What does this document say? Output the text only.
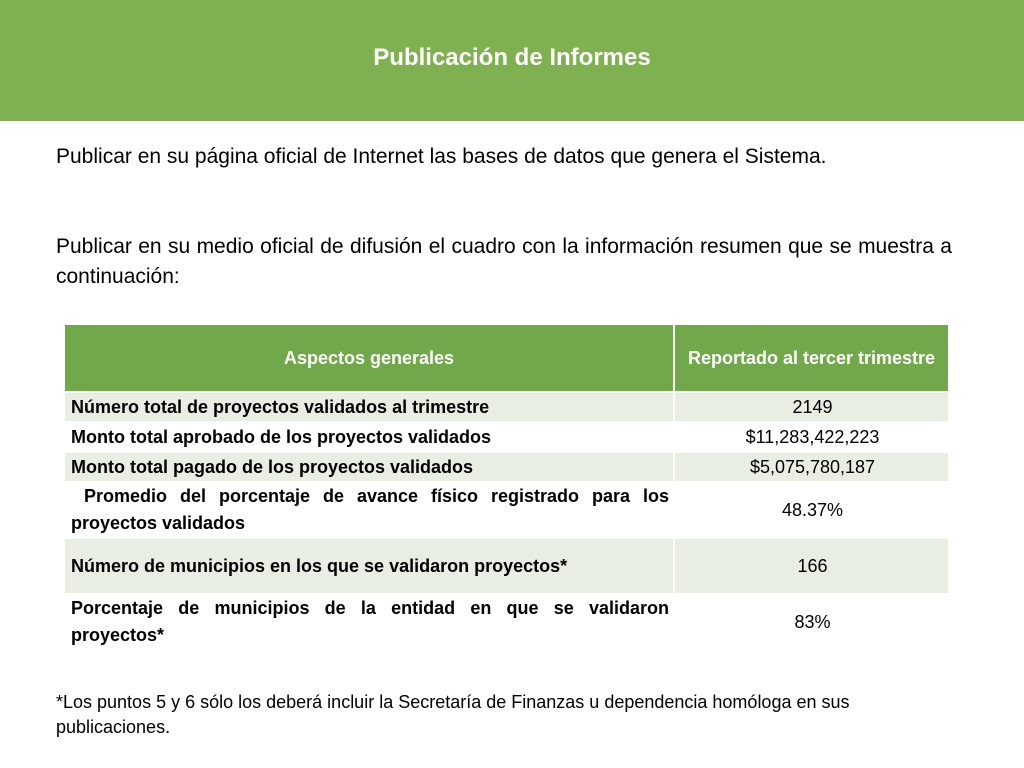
Publicación de Informes
Publicar en su página oficial de Internet las bases de datos que genera el Sistema.
Publicar en su medio oficial de difusión el cuadro con la información resumen que se muestra a continuación:
Aspectos generales	Reportado al tercer trimestre
Número total de proyectos validados al trimestre	2149
Monto total aprobado de los proyectos validados	$11,283,422,223
Monto total pagado de los proyectos validados	$5,075,780,187
Promedio del porcentaje de avance físico registrado para los proyectos validados	48.37%
Número de municipios en los que se validaron proyectos*	166
Porcentaje de municipios de la entidad en que se validaron proyectos*	83%
*Los puntos 5 y 6 sólo los deberá incluir la Secretaría de Finanzas u dependencia homóloga en sus publicaciones.
